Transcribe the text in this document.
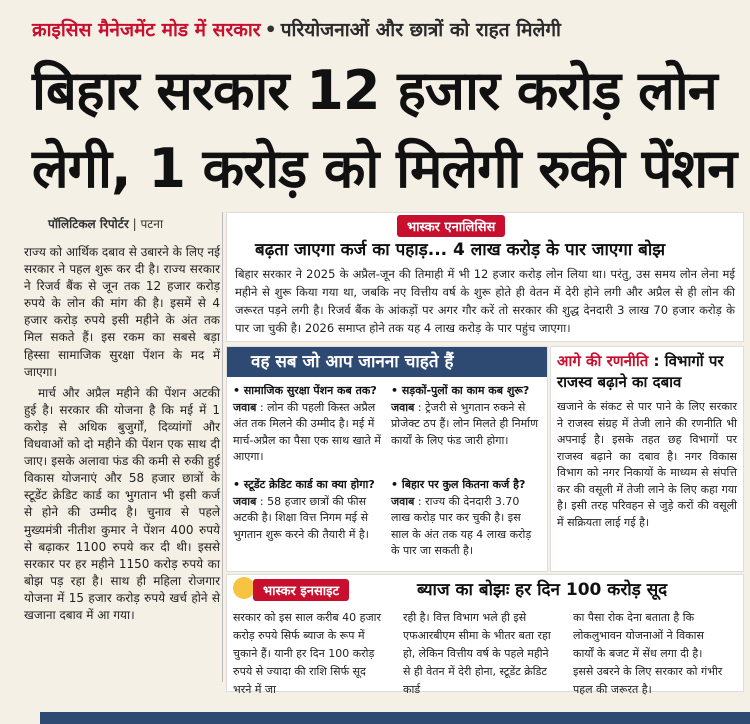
क्राइसिस मैनेजमेंट मोड में सरकार • परियोजनाओं और छात्रों को राहत मिलेगी
बिहार सरकार 12 हजार करोड़ लोन
लेगी, 1 करोड़ को मिलेगी रुकी पेंशन
पॉलिटिकल रिपोर्टर | पटना

राज्य को आर्थिक दबाव से उबारने के लिए नई सरकार ने पहल शुरू कर दी है। राज्य सरकार ने रिजर्व बैंक से जून तक 12 हजार करोड़ रुपये के लोन की मांग की है। इसमें से 4 हजार करोड़ रुपये इसी महीने के अंत तक मिल सकते हैं। इस रकम का सबसे बड़ा हिस्सा सामाजिक सुरक्षा पेंशन के मद में जाएगा।

मार्च और अप्रैल महीने की पेंशन अटकी हुई है। सरकार की योजना है कि मई में 1 करोड़ से अधिक बुजुर्गों, दिव्यांगों और विधवाओं को दो महीने की पेंशन एक साथ दी जाए। इसके अलावा फंड की कमी से रुकी हुई विकास योजनाएं और 58 हजार छात्रों के स्टूडेंट क्रेडिट कार्ड का भुगतान भी इसी कर्ज से होने की उम्मीद है। चुनाव से पहले मुख्यमंत्री नीतीश कुमार ने पेंशन 400 रुपये से बढ़ाकर 1100 रुपये कर दी थी। इससे सरकार पर हर महीने 1150 करोड़ रुपये का बोझ पड़ रहा है। साथ ही महिला रोजगार योजना में 15 हजार करोड़ रुपये खर्च होने से खजाना दबाव में आ गया।

भास्कर एनालिसिस
बढ़ता जाएगा कर्ज का पहाड़... 4 लाख करोड़ के पार जाएगा बोझ
बिहार सरकार ने 2025 के अप्रैल-जून की तिमाही में भी 12 हजार करोड़ लोन लिया था। परंतु, उस समय लोन लेना मई महीने से शुरू किया गया था, जबकि नए वित्तीय वर्ष के शुरू होते ही वेतन में देरी होने लगी और अप्रैल से ही लोन की जरूरत पड़ने लगी है। रिजर्व बैंक के आंकड़ों पर अगर गौर करें तो सरकार की शुद्ध देनदारी 3 लाख 70 हजार करोड़ के पार जा चुकी है। 2026 समाप्त होने तक यह 4 लाख करोड़ के पार पहुंच जाएगा।
वह सब जो आप जानना चाहते हैं
• सामाजिक सुरक्षा पेंशन कब तक?
जवाब : लोन की पहली किस्त अप्रैल अंत तक मिलने की उम्मीद है। मई में मार्च-अप्रैल का पैसा एक साथ खाते में आएगा।
• सड़कों-पुलों का काम कब शुरू?
जवाब : ट्रेजरी से भुगतान रुकने से प्रोजेक्ट ठप हैं। लोन मिलते ही निर्माण कार्यों के लिए फंड जारी होगा।
• स्टूडेंट क्रेडिट कार्ड का क्या होगा?
जवाब : 58 हजार छात्रों की फीस अटकी है। शिक्षा वित्त निगम मई से भुगतान शुरू करने की तैयारी में है।
• बिहार पर कुल कितना कर्ज है?
जवाब : राज्य की देनदारी 3.70 लाख करोड़ पार कर चुकी है। इस साल के अंत तक यह 4 लाख करोड़ के पार जा सकती है।
आगे की रणनीति : विभागों पर राजस्व बढ़ाने का दबाव
खजाने के संकट से पार पाने के लिए सरकार ने राजस्व संग्रह में तेजी लाने की रणनीति भी अपनाई है। इसके तहत छह विभागों पर राजस्व बढ़ाने का दबाव है। नगर विकास विभाग को नगर निकायों के माध्यम से संपत्ति कर की वसूली में तेजी लाने के लिए कहा गया है। इसी तरह परिवहन से जुड़े करों की वसूली में सक्रियता लाई गई है।
भास्कर इनसाइट	ब्याज का बोझः हर दिन 100 करोड़ सूद
सरकार को इस साल करीब 40 हजार करोड़ रुपये सिर्फ ब्याज के रूप में चुकाने हैं। यानी हर दिन 100 करोड़ रुपये से ज्यादा की राशि सिर्फ सूद भरने में जा
रही है। वित्त विभाग भले ही इसे एफआरबीएम सीमा के भीतर बता रहा हो, लेकिन वित्तीय वर्ष के पहले महीने से ही वेतन में देरी होना, स्टूडेंट क्रेडिट कार्ड
का पैसा रोक देना बताता है कि लोकलुभावन योजनाओं ने विकास कार्यों के बजट में सेंध लगा दी है। इससे उबरने के लिए सरकार को गंभीर पहल की जरूरत है।
